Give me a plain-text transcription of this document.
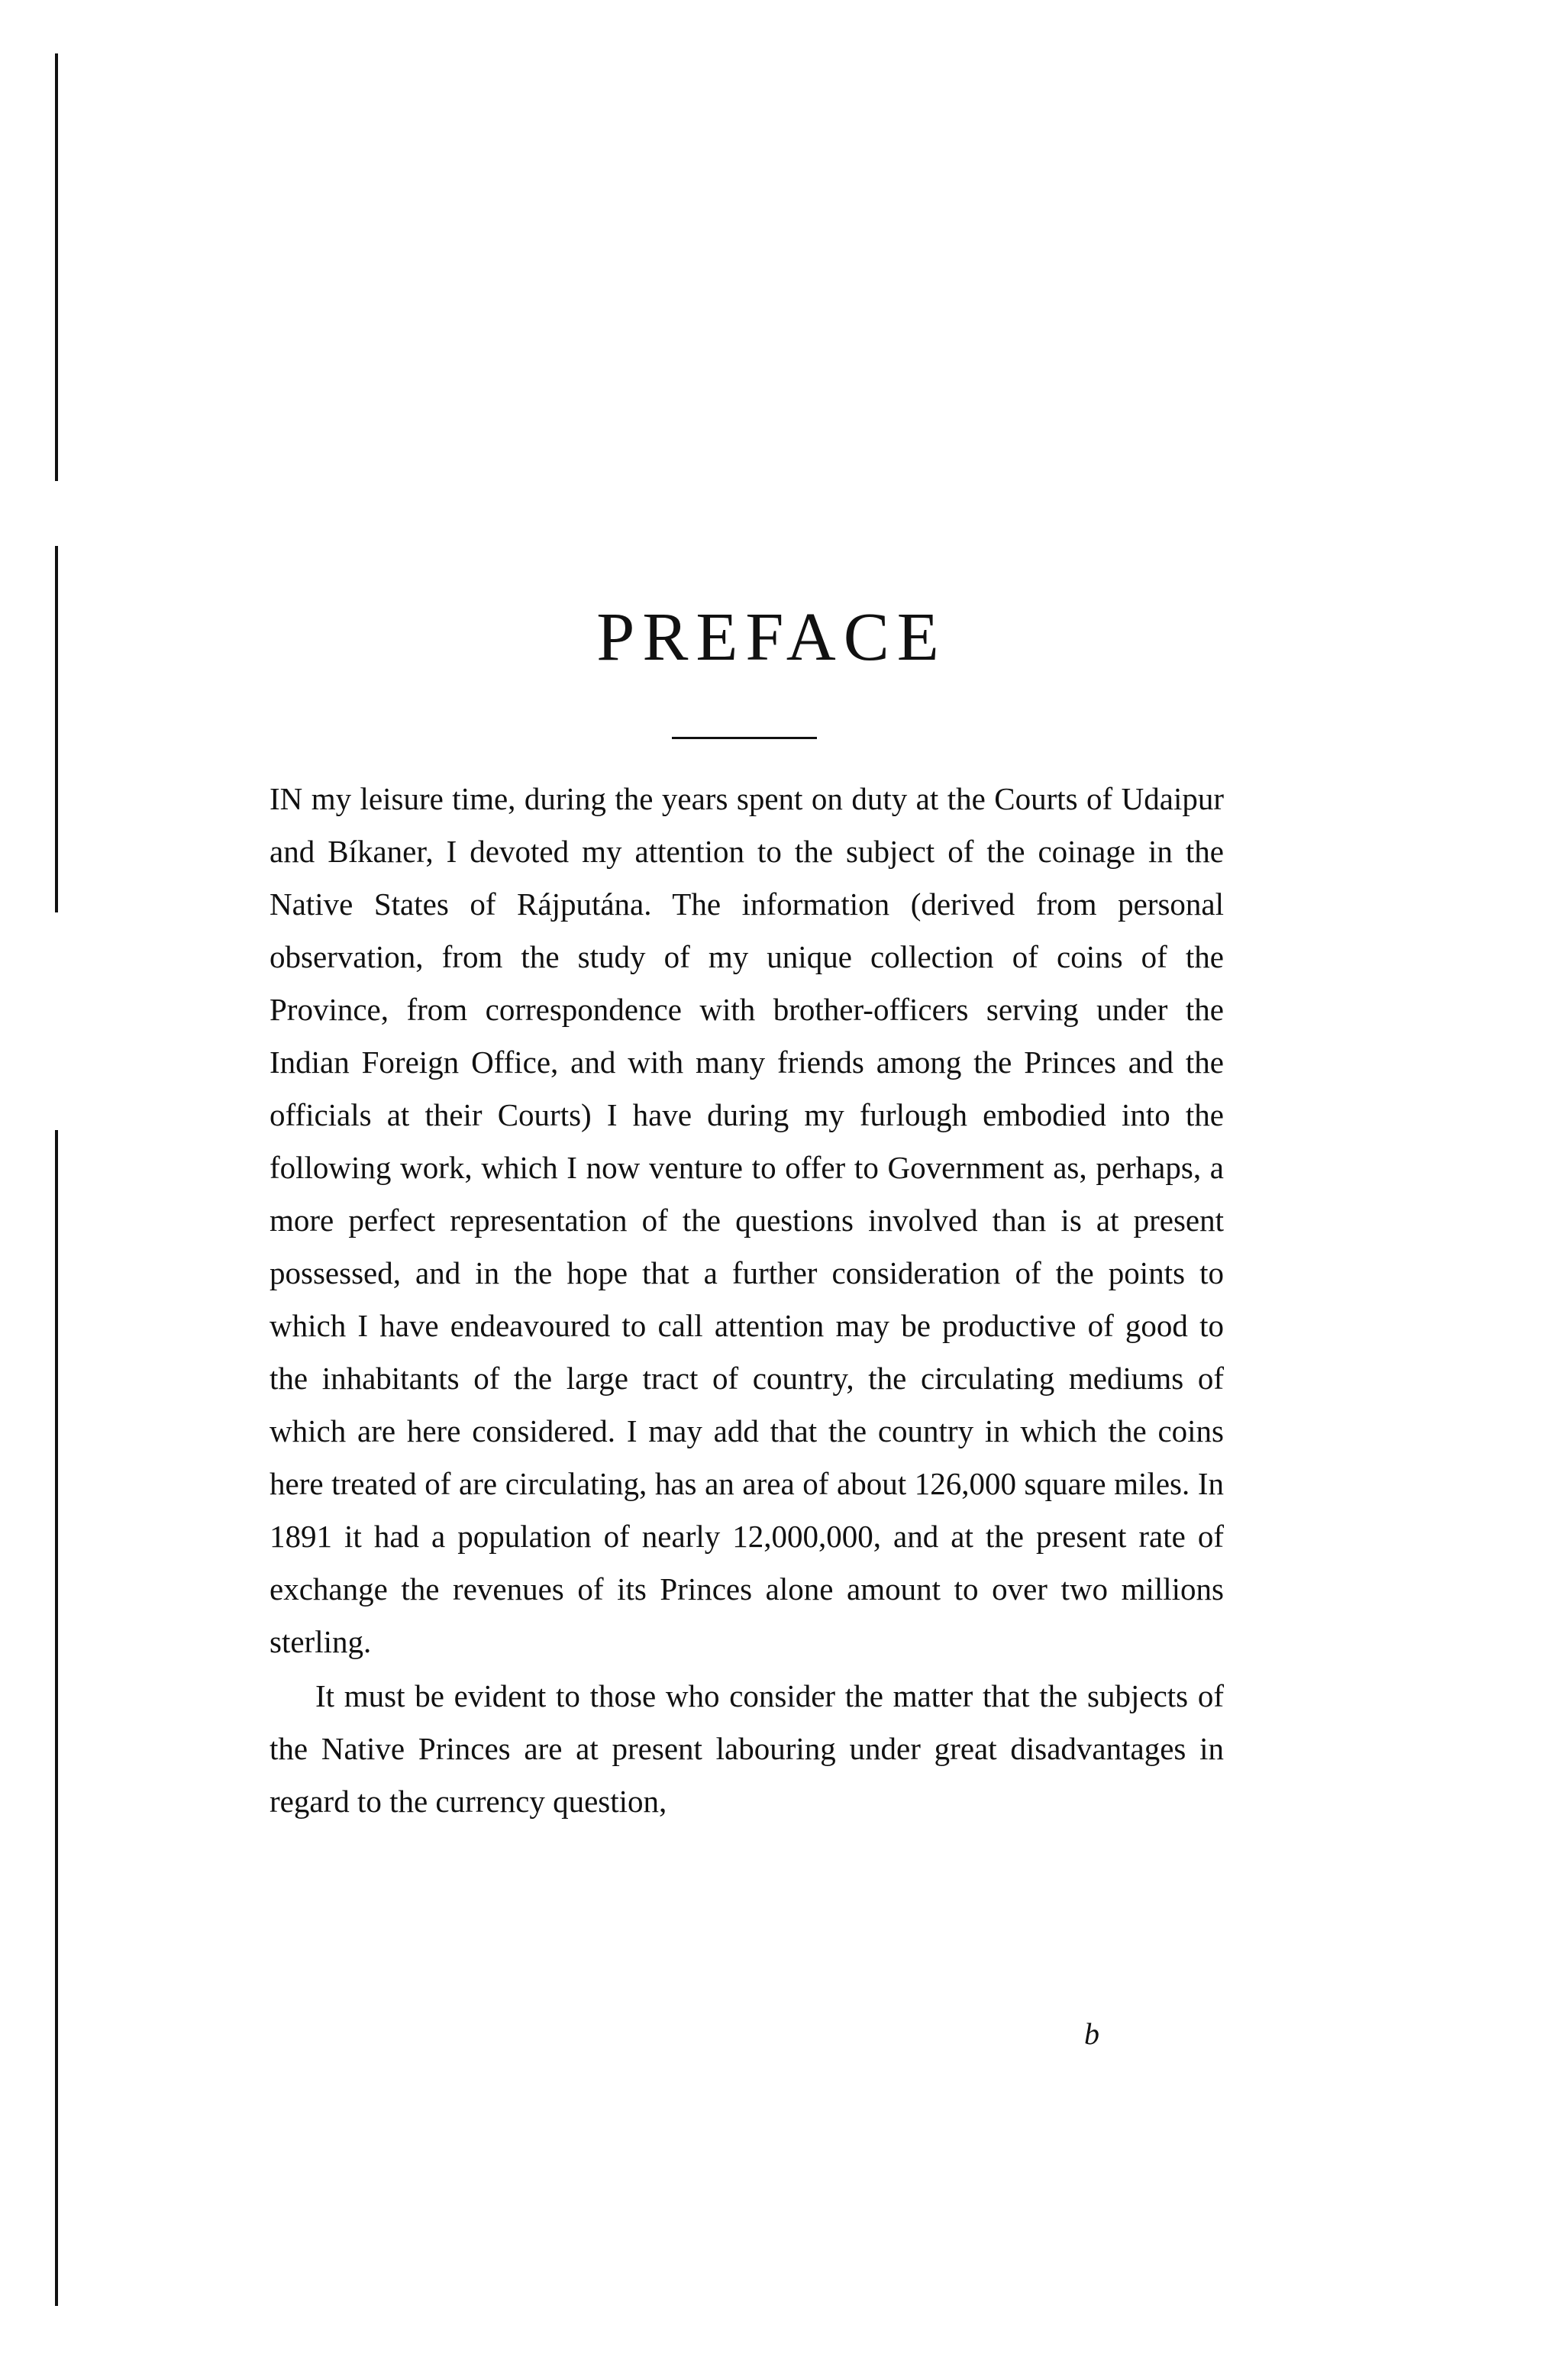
PREFACE

IN my leisure time, during the years spent on duty at the Courts of Udaipur and Bíkaner, I devoted my attention to the subject of the coinage in the Native States of Rájputána. The information (derived from personal observation, from the study of my unique collection of coins of the Province, from correspondence with brother-officers serving under the Indian Foreign Office, and with many friends among the Princes and the officials at their Courts) I have during my furlough embodied into the following work, which I now venture to offer to Government as, perhaps, a more perfect representation of the questions involved than is at present possessed, and in the hope that a further consideration of the points to which I have endeavoured to call attention may be productive of good to the inhabitants of the large tract of country, the circulating mediums of which are here considered. I may add that the country in which the coins here treated of are circulating, has an area of about 126,000 square miles. In 1891 it had a population of nearly 12,000,000, and at the present rate of exchange the revenues of its Princes alone amount to over two millions sterling.

It must be evident to those who consider the matter that the subjects of the Native Princes are at present labouring under great disadvantages in regard to the currency question,

b
